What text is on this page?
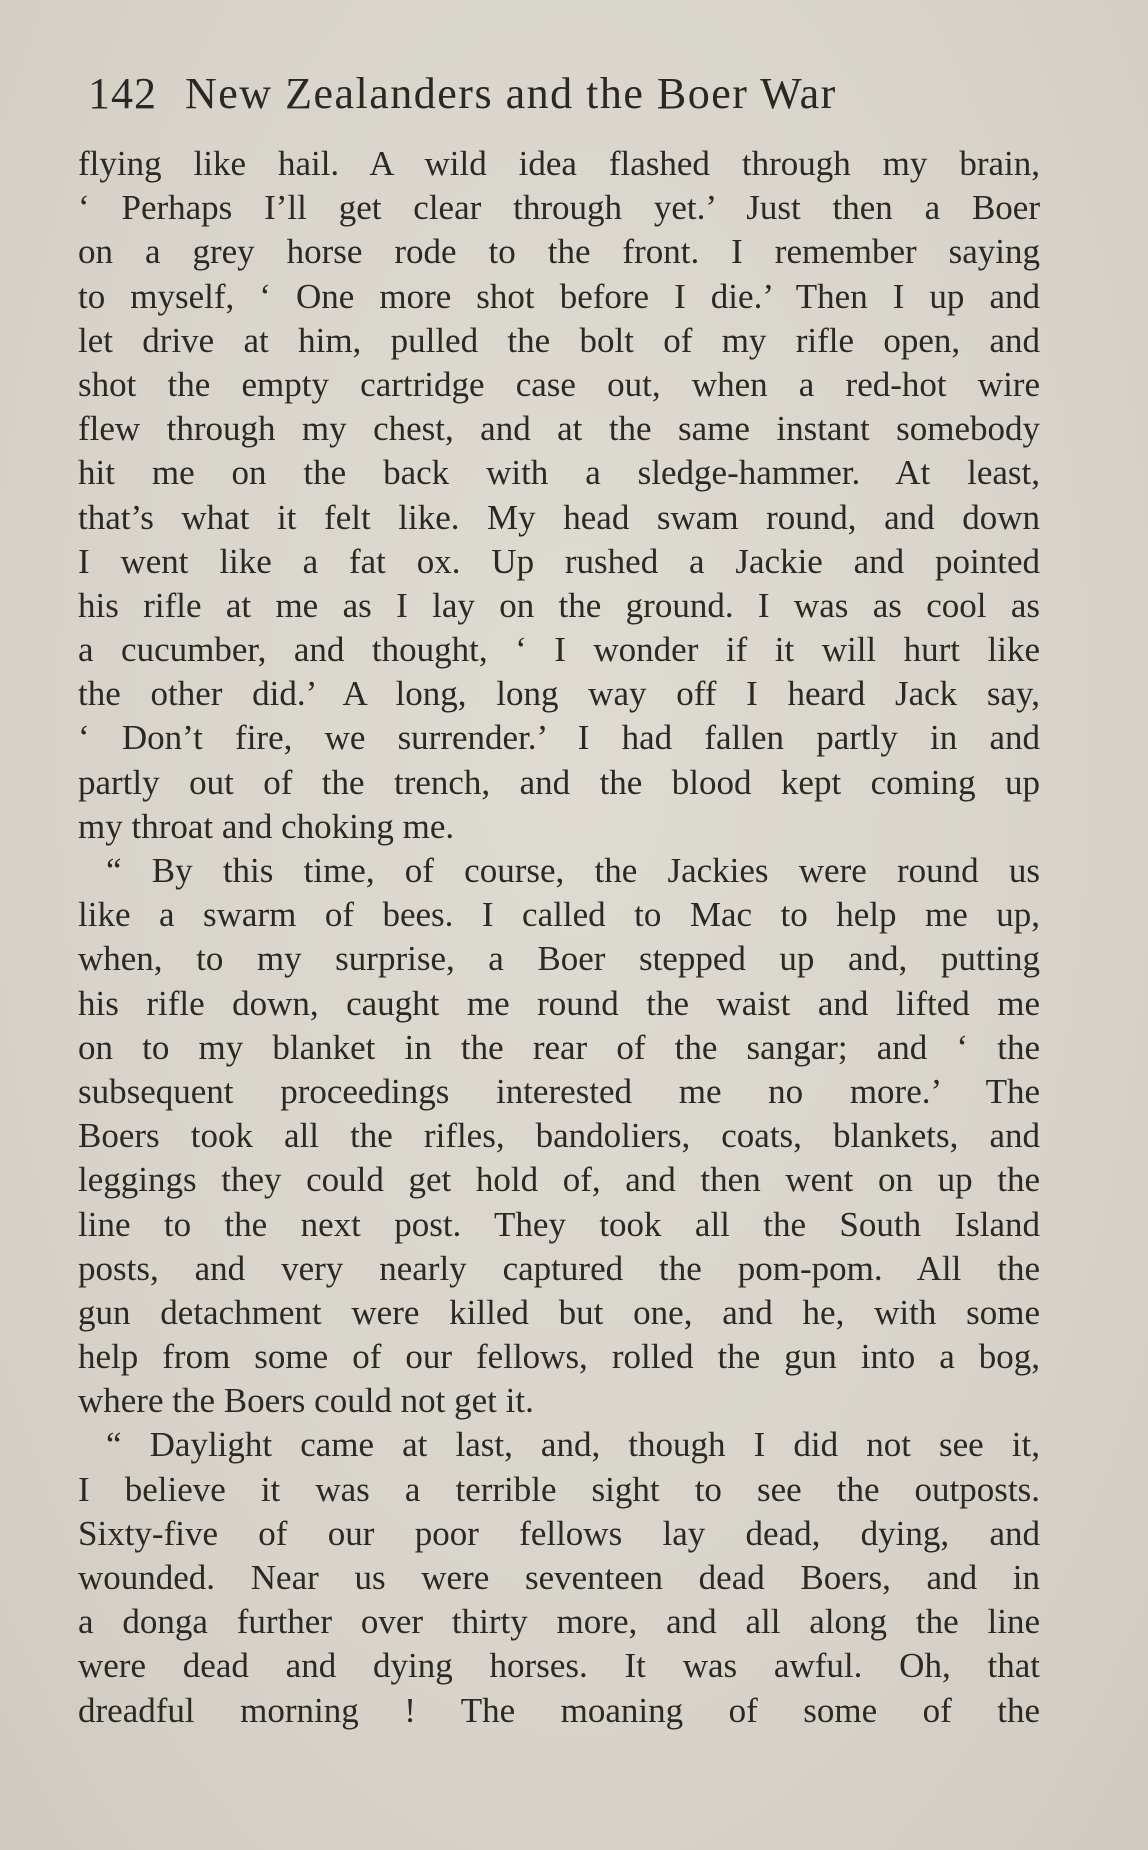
142 New Zealanders and the Boer War
flying like hail. A wild idea flashed through my brain,
‘ Perhaps I’ll get clear through yet.’ Just then a Boer
on a grey horse rode to the front. I remember saying
to myself, ‘ One more shot before I die.’ Then I up and
let drive at him, pulled the bolt of my rifle open, and
shot the empty cartridge case out, when a red-hot wire
flew through my chest, and at the same instant somebody
hit me on the back with a sledge-hammer. At least,
that’s what it felt like. My head swam round, and down
I went like a fat ox. Up rushed a Jackie and pointed
his rifle at me as I lay on the ground. I was as cool as
a cucumber, and thought, ‘ I wonder if it will hurt like
the other did.’ A long, long way off I heard Jack say,
‘ Don’t fire, we surrender.’ I had fallen partly in and
partly out of the trench, and the blood kept coming up
my throat and choking me.
“ By this time, of course, the Jackies were round us
like a swarm of bees. I called to Mac to help me up,
when, to my surprise, a Boer stepped up and, putting
his rifle down, caught me round the waist and lifted me
on to my blanket in the rear of the sangar; and ‘ the
subsequent proceedings interested me no more.’ The
Boers took all the rifles, bandoliers, coats, blankets, and
leggings they could get hold of, and then went on up the
line to the next post. They took all the South Island
posts, and very nearly captured the pom-pom. All the
gun detachment were killed but one, and he, with some
help from some of our fellows, rolled the gun into a bog,
where the Boers could not get it.
“ Daylight came at last, and, though I did not see it,
I believe it was a terrible sight to see the outposts.
Sixty-five of our poor fellows lay dead, dying, and
wounded. Near us were seventeen dead Boers, and in
a donga further over thirty more, and all along the line
were dead and dying horses. It was awful. Oh, that
dreadful morning ! The moaning of some of the
